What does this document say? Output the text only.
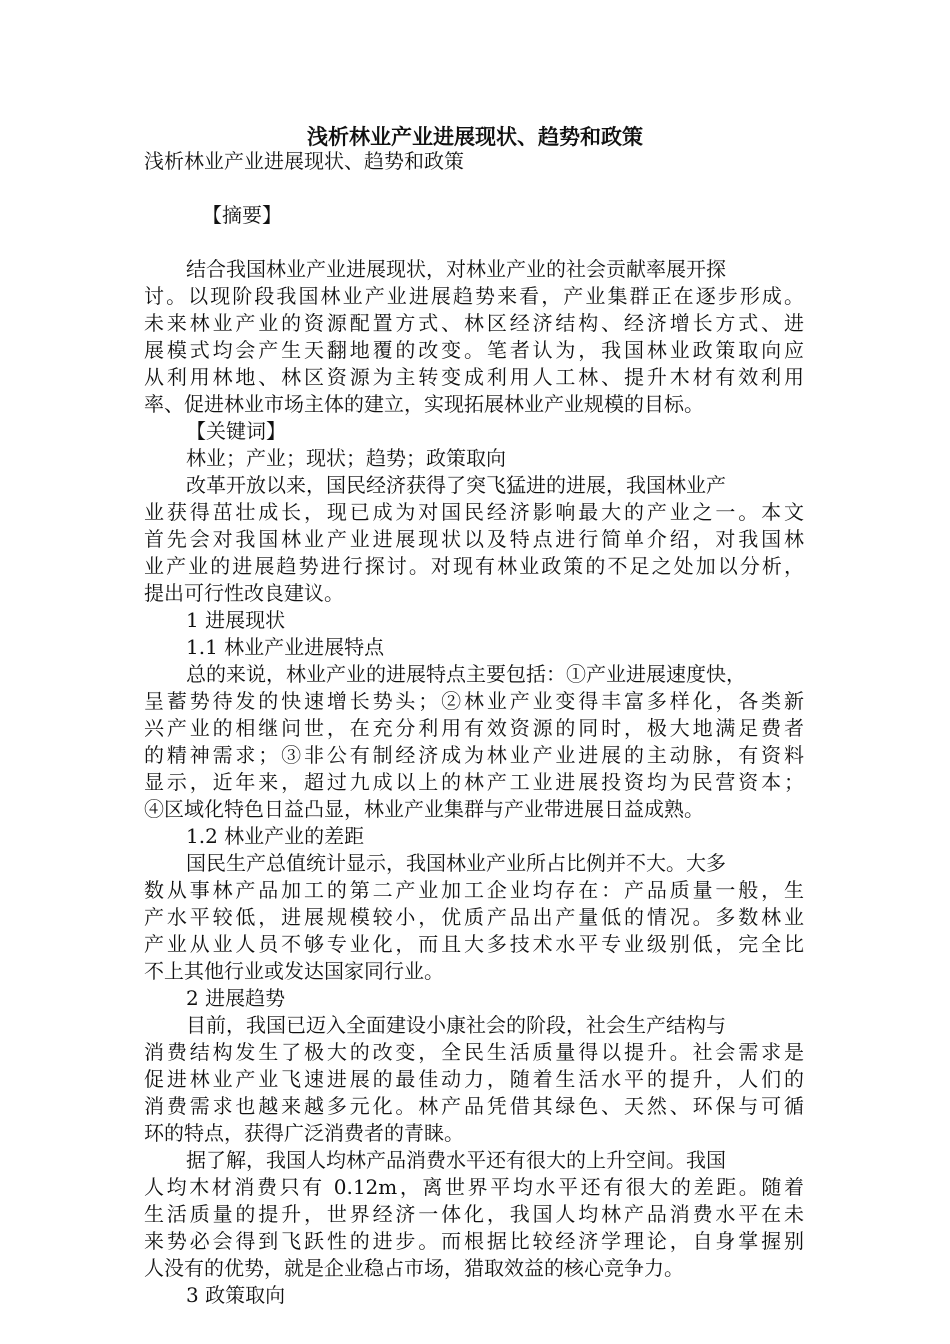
浅析林业产业进展现状、趋势和政策
浅析林业产业进展现状、趋势和政策
【摘要】
结合我国林业产业进展现状，对林业产业的社会贡献率展开探
讨。以现阶段我国林业产业进展趋势来看，产业集群正在逐步形成。
未来林业产业的资源配置方式、林区经济结构、经济增长方式、进
展模式均会产生天翻地覆的改变。笔者认为，我国林业政策取向应
从利用林地、林区资源为主转变成利用人工林、提升木材有效利用
率、促进林业市场主体的建立，实现拓展林业产业规模的目标。
【关键词】
林业；产业；现状；趋势；政策取向
改革开放以来，国民经济获得了突飞猛进的进展，我国林业产
业获得茁壮成长，现已成为对国民经济影响最大的产业之一。本文
首先会对我国林业产业进展现状以及特点进行简单介绍，对我国林
业产业的进展趋势进行探讨。对现有林业政策的不足之处加以分析，
提出可行性改良建议。
1 进展现状
1.1 林业产业进展特点
总的来说，林业产业的进展特点主要包括：①产业进展速度快，
呈蓄势待发的快速增长势头；②林业产业变得丰富多样化，各类新
兴产业的相继问世，在充分利用有效资源的同时，极大地满足费者
的精神需求；③非公有制经济成为林业产业进展的主动脉，有资料
显示，近年来，超过九成以上的林产工业进展投资均为民营资本；
④区域化特色日益凸显，林业产业集群与产业带进展日益成熟。
1.2 林业产业的差距
国民生产总值统计显示，我国林业产业所占比例并不大。大多
数从事林产品加工的第二产业加工企业均存在：产品质量一般，生
产水平较低，进展规模较小，优质产品出产量低的情况。多数林业
产业从业人员不够专业化，而且大多技术水平专业级别低，完全比
不上其他行业或发达国家同行业。
2 进展趋势
目前，我国已迈入全面建设小康社会的阶段，社会生产结构与
消费结构发生了极大的改变，全民生活质量得以提升。社会需求是
促进林业产业飞速进展的最佳动力，随着生活水平的提升，人们的
消费需求也越来越多元化。林产品凭借其绿色、天然、环保与可循
环的特点，获得广泛消费者的青睐。
据了解，我国人均林产品消费水平还有很大的上升空间。我国
人均木材消费只有 0.12m，离世界平均水平还有很大的差距。随着
生活质量的提升，世界经济一体化，我国人均林产品消费水平在未
来势必会得到飞跃性的进步。而根据比较经济学理论，自身掌握别
人没有的优势，就是企业稳占市场，猎取效益的核心竞争力。
3 政策取向
